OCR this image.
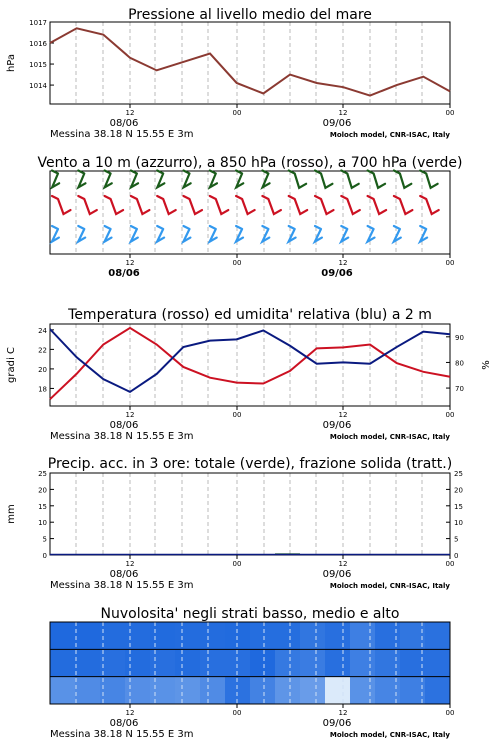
Pressione al livello medio del mare
1017
1016
1015
1014
hPa
12	00	12	00
08/06	09/06
Messina 38.18 N 15.55 E 3m	Moloch model, CNR-ISAC, Italy
Vento a 10 m (azzurro), a 850 hPa (rosso), a 700 hPa (verde)
12	00	12	00
08/06	09/06
Temperatura (rosso) ed umidita' relativa (blu) a 2 m
24
22
20
18
90
80
70
gradi C	%
12	00	12	00
08/06	09/06
Messina 38.18 N 15.55 E 3m	Moloch model, CNR-ISAC, Italy
Precip. acc. in 3 ore: totale (verde), frazione solida (tratt.)
25	25
20	20
15	15
10	10
5	5
0	0
mm
12	00	12	00
08/06	09/06
Messina 38.18 N 15.55 E 3m	Moloch model, CNR-ISAC, Italy
Nuvolosita' negli strati basso, medio e alto
12	00	12	00
08/06	09/06
Messina 38.18 N 15.55 E 3m	Moloch model, CNR-ISAC, Italy
